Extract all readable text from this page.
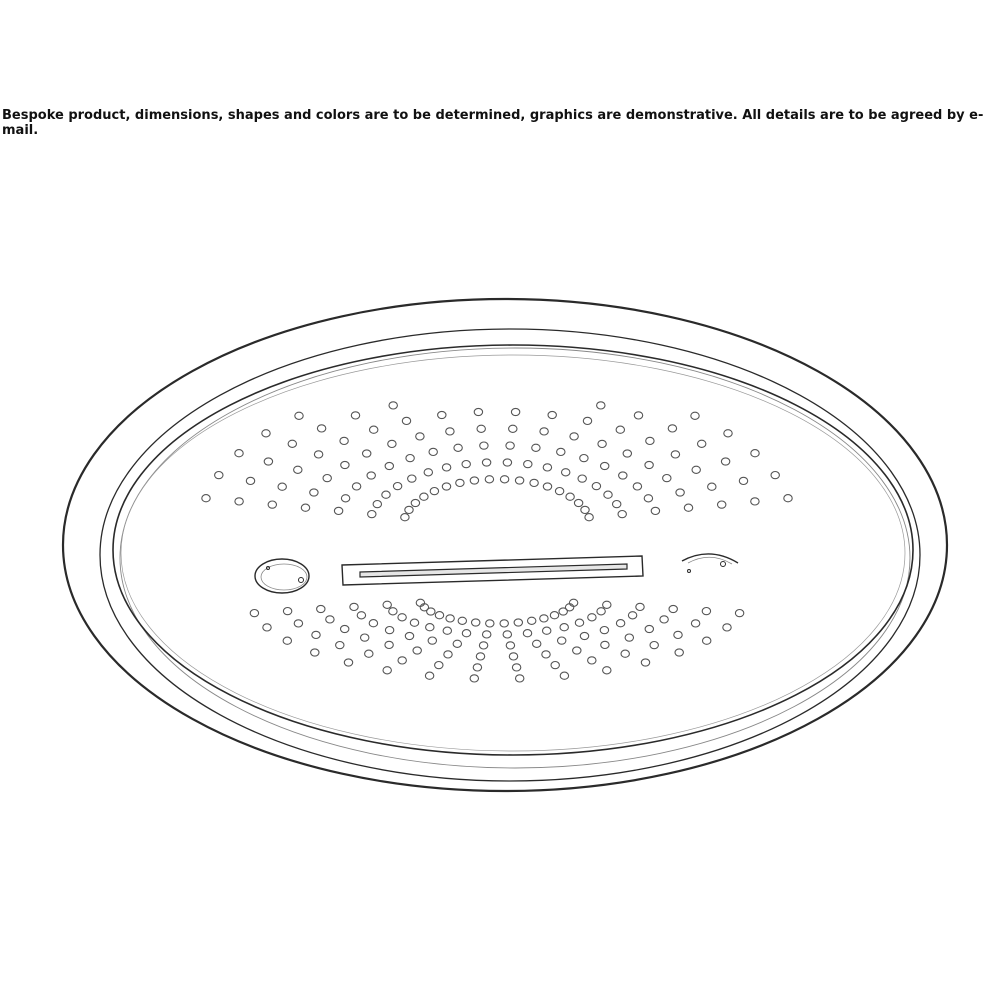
Bespoke product, dimensions, shapes and colors are to be determined, graphics are demonstrative. All details are to be agreed by e-mail.
